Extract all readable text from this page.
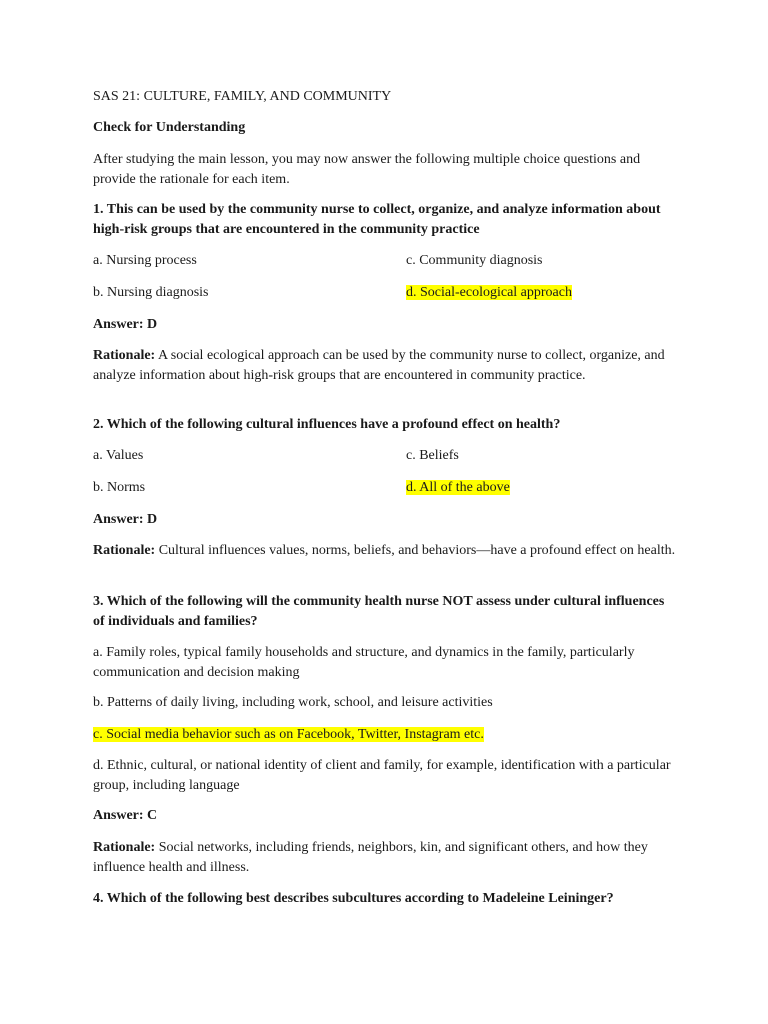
SAS 21: CULTURE, FAMILY, AND COMMUNITY
Check for Understanding
After studying the main lesson, you may now answer the following multiple choice questions and provide the rationale for each item.
1. This can be used by the community nurse to collect, organize, and analyze information about high-risk groups that are encountered in the community practice
a. Nursing process	c. Community diagnosis
b. Nursing diagnosis	d. Social-ecological approach
Answer: D
Rationale: A social ecological approach can be used by the community nurse to collect, organize, and analyze information about high-risk groups that are encountered in community practice.
2. Which of the following cultural influences have a profound effect on health?
a. Values	c. Beliefs
b. Norms	d. All of the above
Answer: D
Rationale: Cultural influences values, norms, beliefs, and behaviors—have a profound effect on health.
3. Which of the following will the community health nurse NOT assess under cultural influences of individuals and families?
a. Family roles, typical family households and structure, and dynamics in the family, particularly communication and decision making
b. Patterns of daily living, including work, school, and leisure activities
c. Social media behavior such as on Facebook, Twitter, Instagram etc.
d. Ethnic, cultural, or national identity of client and family, for example, identification with a particular group, including language
Answer: C
Rationale: Social networks, including friends, neighbors, kin, and significant others, and how they influence health and illness.
4. Which of the following best describes subcultures according to Madeleine Leininger?
